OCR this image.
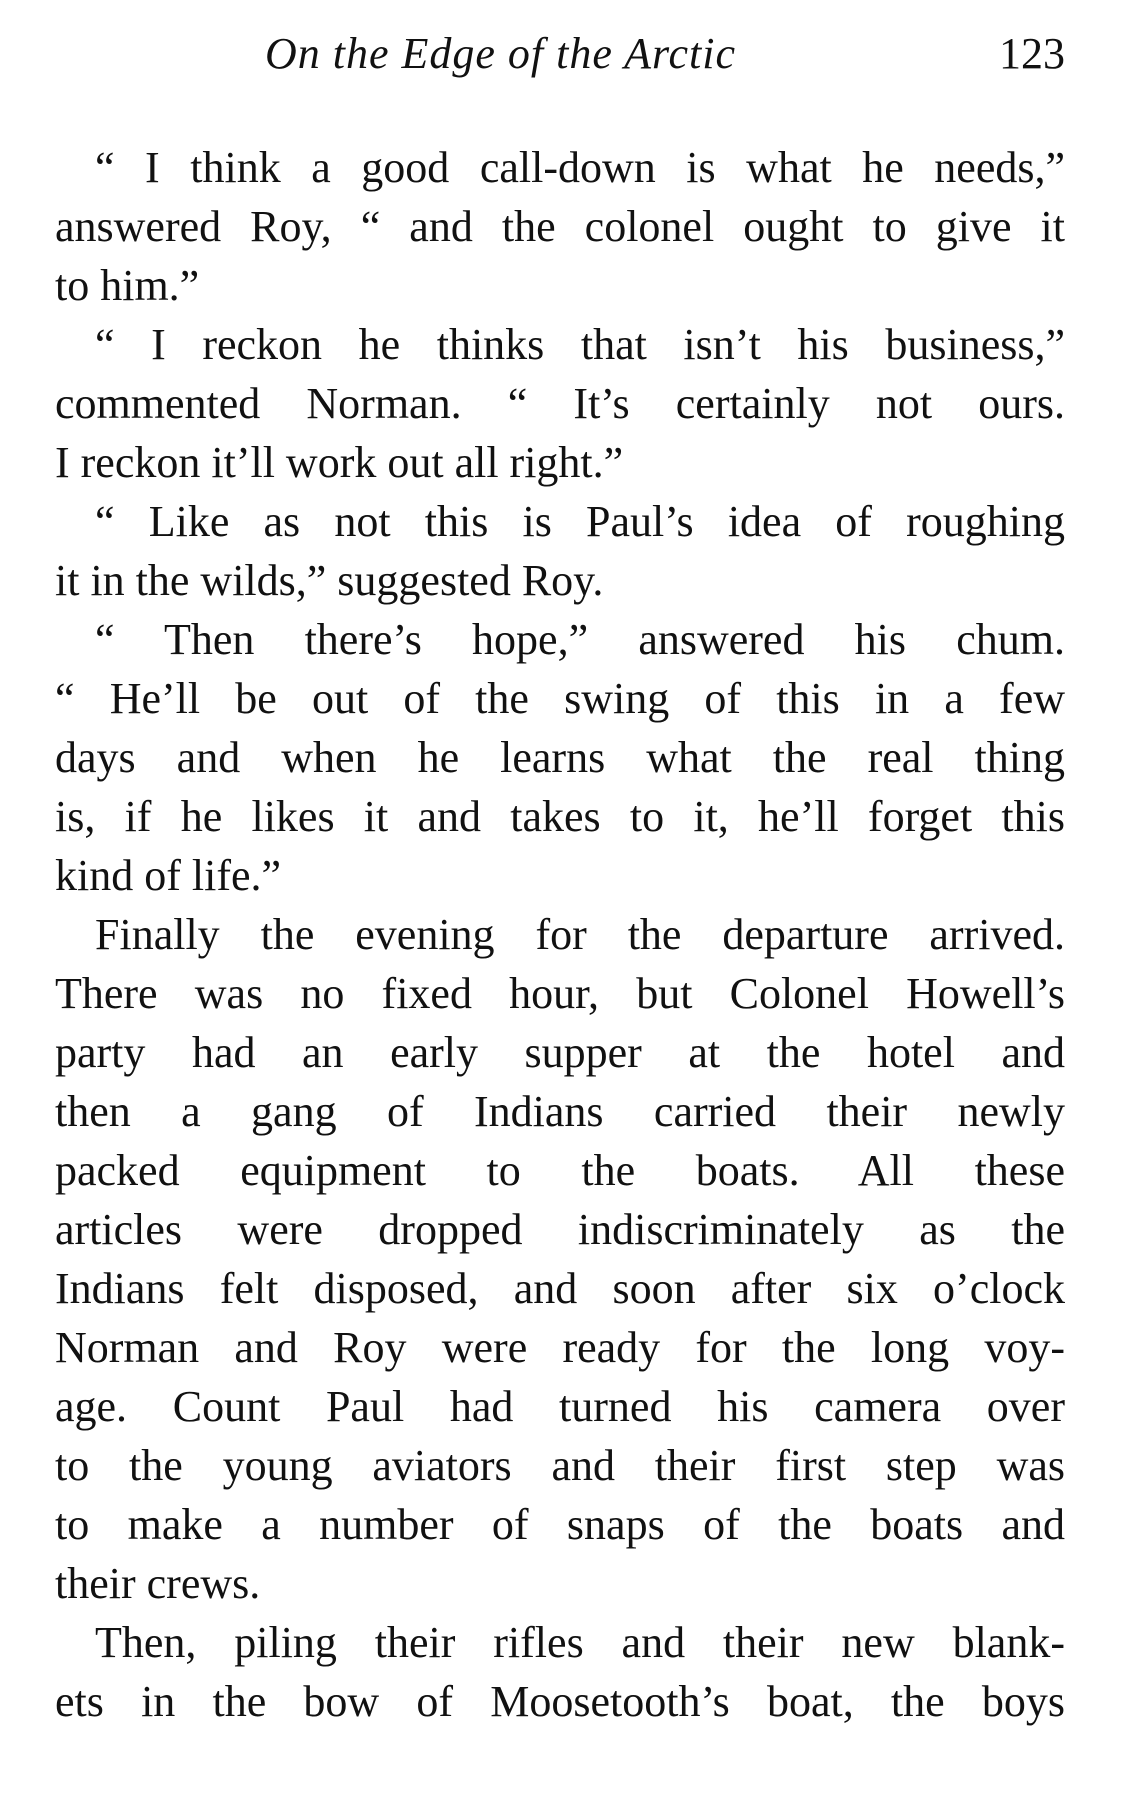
On the Edge of the Arctic	123
“ I think a good call-down is what he needs,”
answered Roy, “ and the colonel ought to give it
to him.”
“ I reckon he thinks that isn’t his business,”
commented Norman. “ It’s certainly not ours.
I reckon it’ll work out all right.”
“ Like as not this is Paul’s idea of roughing
it in the wilds,” suggested Roy.
“ Then there’s hope,” answered his chum.
“ He’ll be out of the swing of this in a few
days and when he learns what the real thing
is, if he likes it and takes to it, he’ll forget this
kind of life.”
Finally the evening for the departure arrived.
There was no fixed hour, but Colonel Howell’s
party had an early supper at the hotel and
then a gang of Indians carried their newly
packed equipment to the boats. All these
articles were dropped indiscriminately as the
Indians felt disposed, and soon after six o’clock
Norman and Roy were ready for the long voy-
age. Count Paul had turned his camera over
to the young aviators and their first step was
to make a number of snaps of the boats and
their crews.
Then, piling their rifles and their new blank-
ets in the bow of Moosetooth’s boat, the boys
